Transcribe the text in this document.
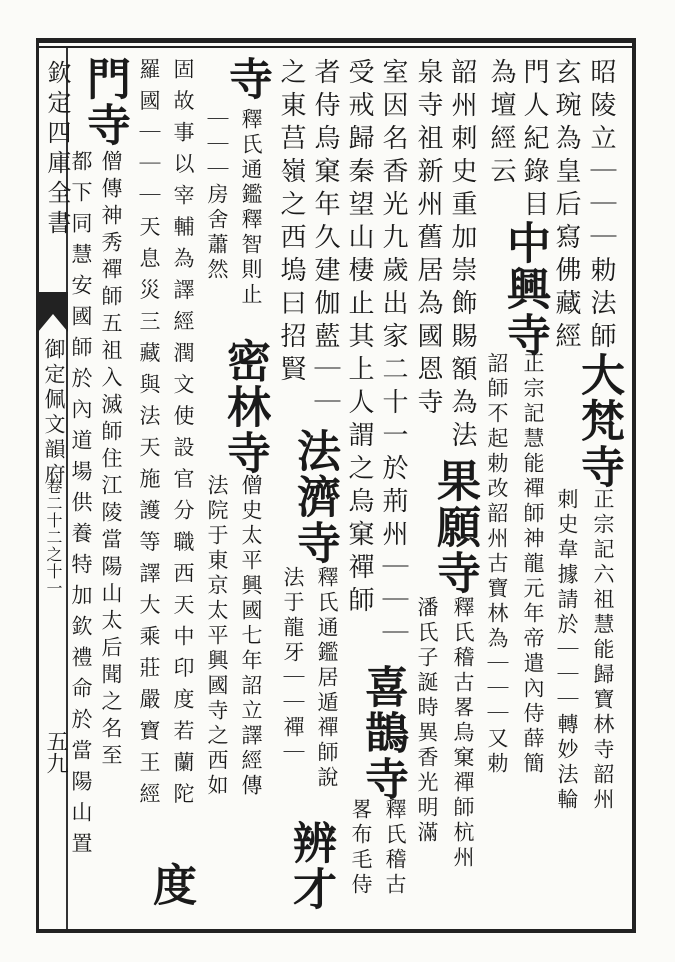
欽定四庫全書
御定佩文韻府
卷二十二之十一
五九
昭陵立｜｜｜勅法師
大梵寺
正宗記六祖慧能歸寶林寺韶州
玄琬為皇后寫佛藏經
刺史韋據請於｜｜｜轉妙法輪
門人紀錄目
中興寺
正宗記慧能禪師神龍元年帝遣內侍薛簡
為壇經云
詔師不起勅改韶州古寶林為｜｜｜又勅
韶州刺史重加崇飾賜額為法
果願寺
釋氏稽古畧烏窠禪師杭州
泉寺祖新州舊居為國恩寺
潘氏子誕時異香光明滿
室因名香光九歲出家二十一於荊州｜｜｜
喜鵲寺
釋氏稽古
受戒歸秦望山棲止其上人謂之烏窠禪師
畧布毛侍
者侍烏窠年久建伽藍｜｜
法濟寺
釋氏通鑑居遁禪師說
之東莒嶺之西塢曰招賢
法于龍牙｜｜禪｜
辨才
寺
釋氏通鑑釋智則止
密林寺
僧史太平興國七年詔立譯經傳
｜｜｜房舍蕭然
法院于東京太平興國寺之西如
固故事以宰輔為譯經潤文使設官分職西天中印度若蘭陀
羅國｜｜｜天息災三藏與法天施護等譯大乘莊嚴寶王經
度
門寺
僧傳神秀禪師五祖入滅師住江陵當陽山太后聞之名至
都下同慧安國師於內道場供養特加欽禮命於當陽山置
